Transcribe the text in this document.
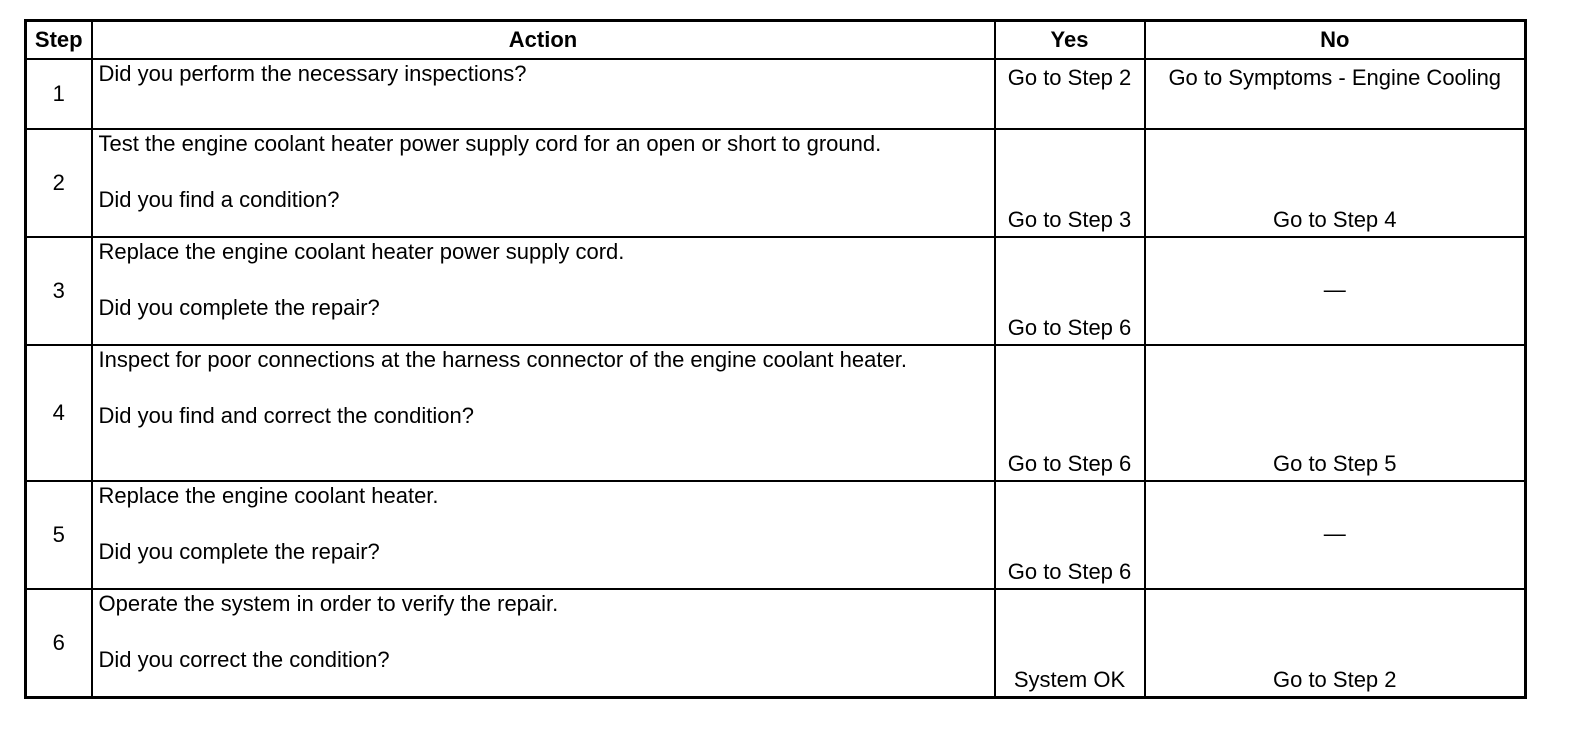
Step	Action	Yes	No
1	Did you perform the necessary inspections?	Go to Step 2	Go to Symptoms - Engine Cooling
2	Test the engine coolant heater power supply cord for an open or short to ground.
Did you find a condition?	Go to Step 3	Go to Step 4
3	Replace the engine coolant heater power supply cord.
Did you complete the repair?	Go to Step 6	—
4	Inspect for poor connections at the harness connector of the engine coolant heater.
Did you find and correct the condition?	Go to Step 6	Go to Step 5
5	Replace the engine coolant heater.
Did you complete the repair?	Go to Step 6	—
6	Operate the system in order to verify the repair.
Did you correct the condition?	System OK	Go to Step 2
